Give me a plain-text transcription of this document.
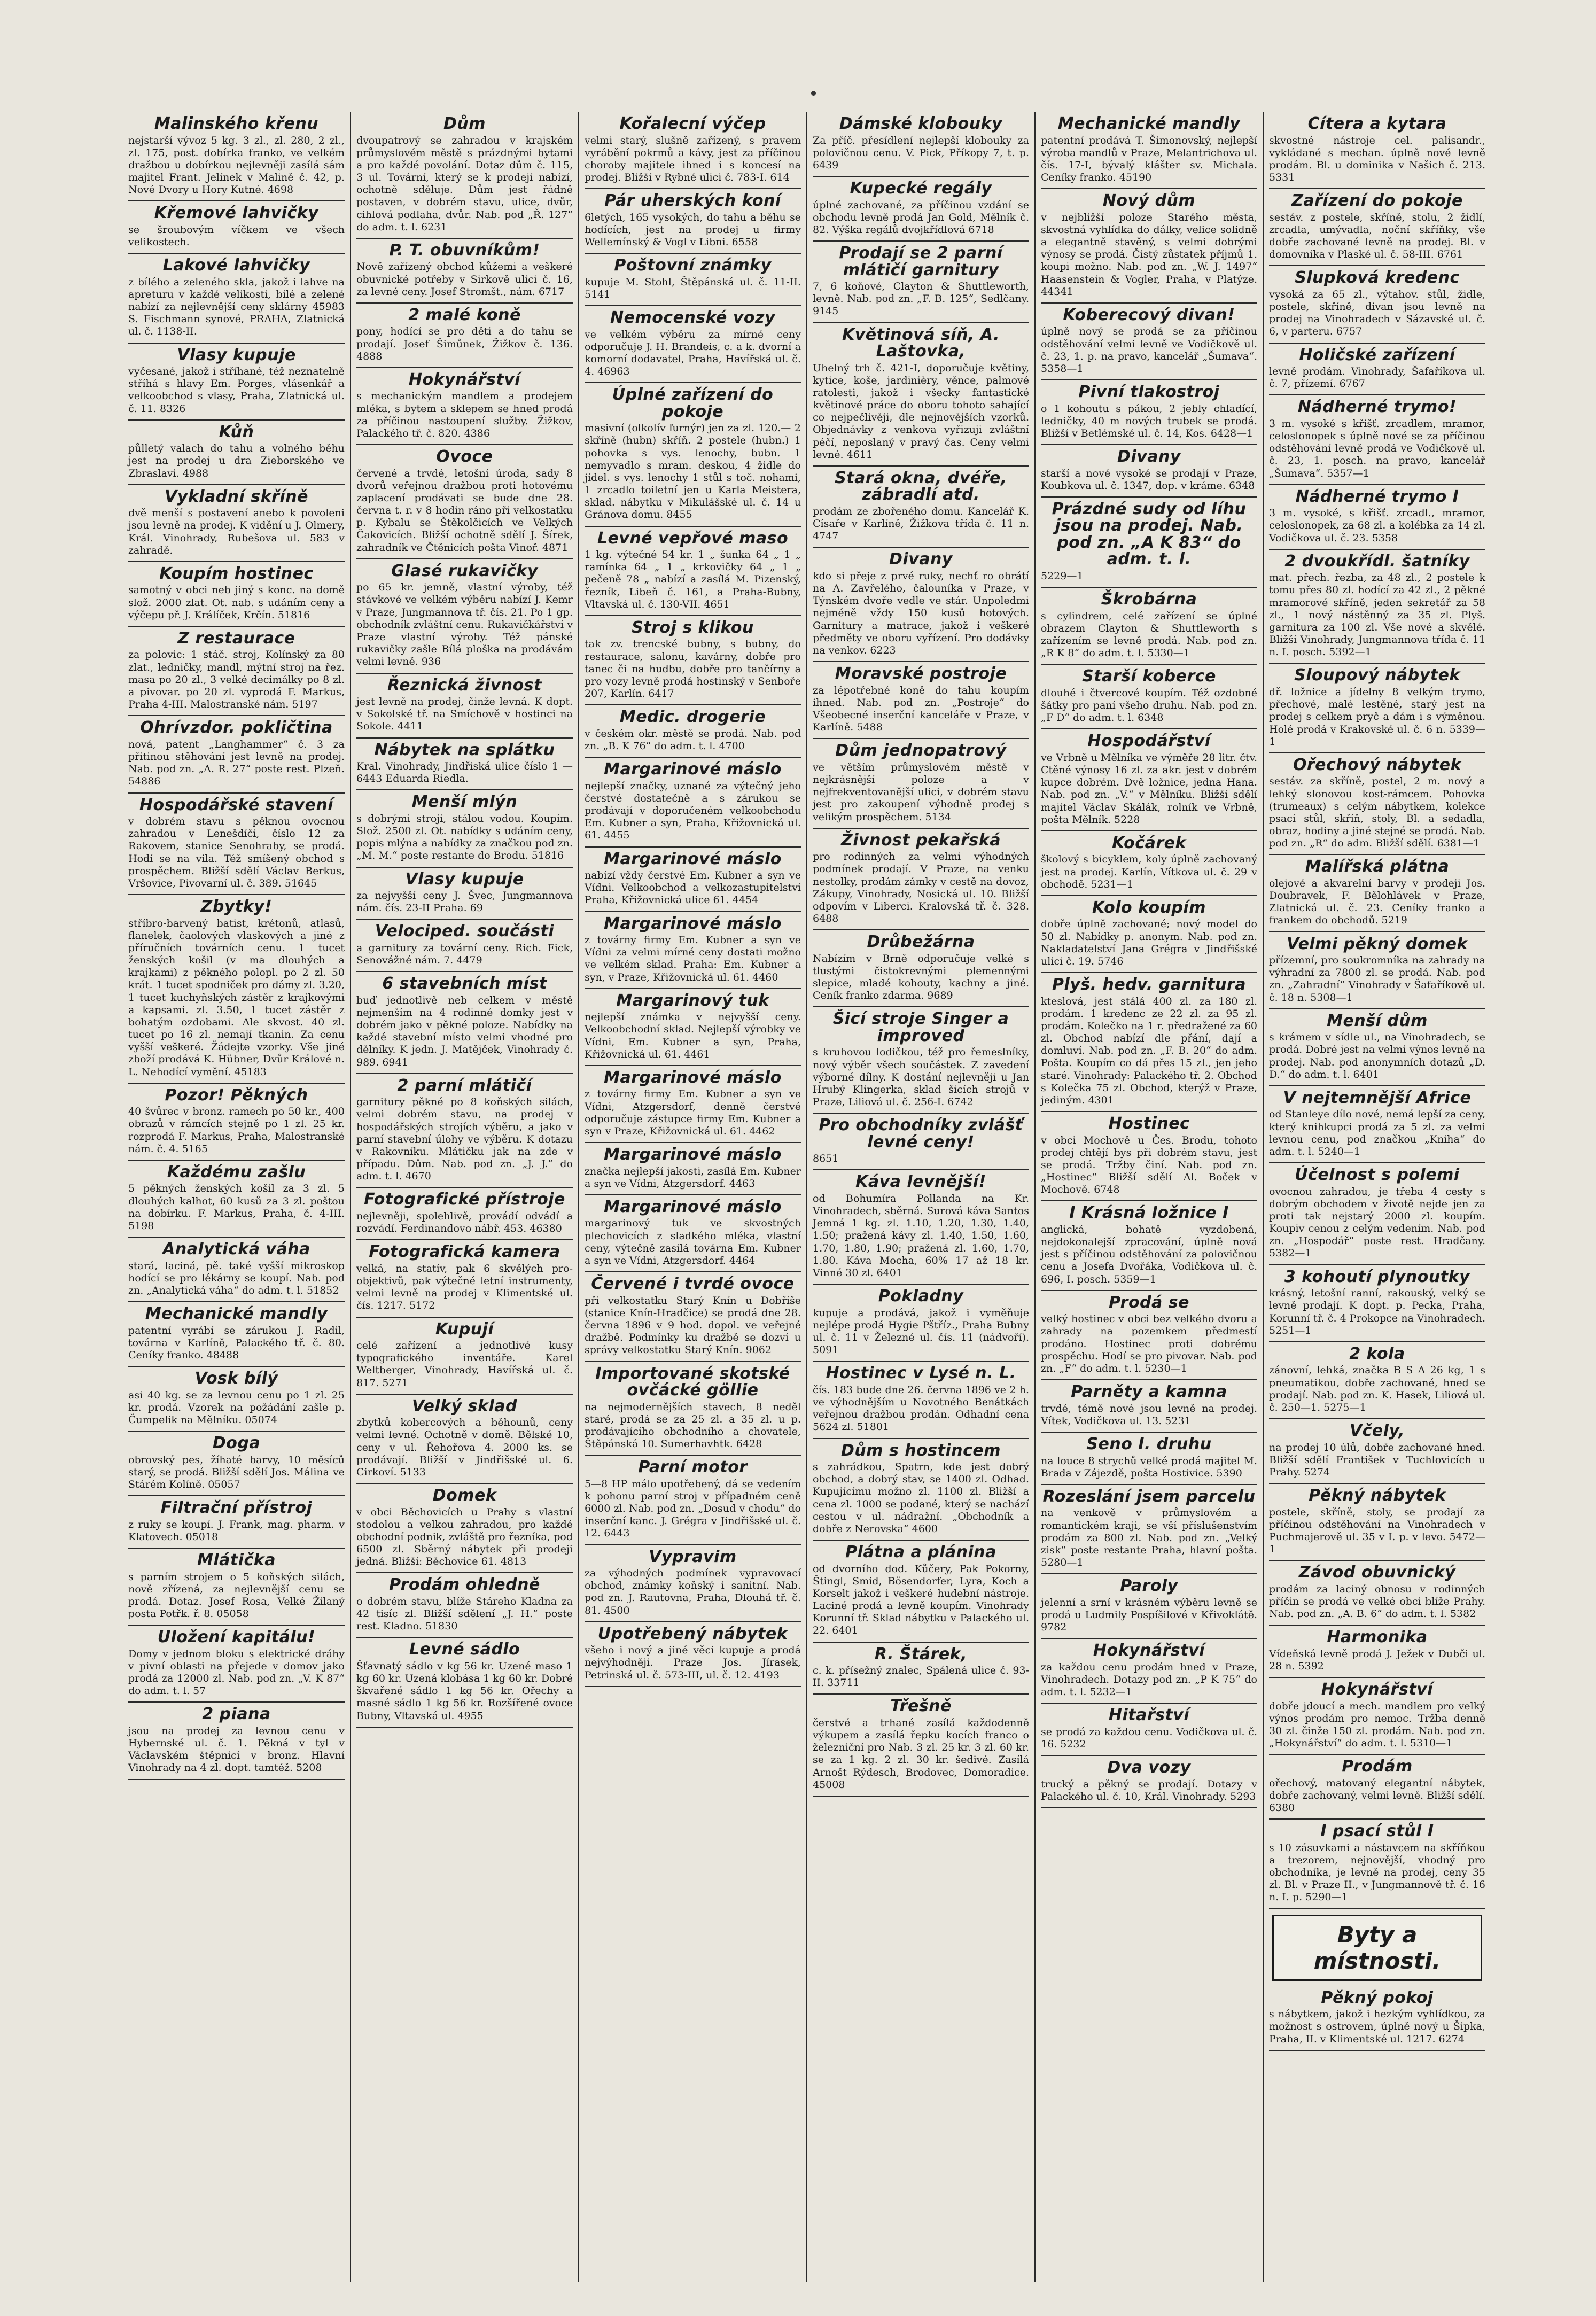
Malinského křenu

nejstarší vývoz 5 kg. 3 zl., zl. 280, 2 zl., zl. 175, post. dobírka franko, ve velkém dražbou u dobírkou nejlevněji zasílá sám majitel Frant. Jelínek v Malině č. 42, p. Nové Dvory u Hory Kutné. 4698

Křemové lahvičky

se šroubovým víčkem ve všech velikostech.

Lakové lahvičky

z bílého a zeleného skla, jakož i lahve na apreturu v každé velikosti, bílé a zelené nabízí za nejlevnější ceny sklárny 45983 S. Fischmann synové, PRAHA, Zlatnická ul. č. 1138-II.

Vlasy kupuje

vyčesané, jakož i stříhané, též neznatelně stříhá s hlavy Em. Porges, vlásenkář a velkoobchod s vlasy, Praha, Zlatnická ul. č. 11. 8326

Kůň

půlletý valach do tahu a volného běhu jest na prodej u dra Zieborského ve Zbraslavi. 4988

Vykladní skříně

dvě menší s postavení anebo k povoleni jsou levně na prodej. K vidění u J. Olmery, Král. Vinohrady, Rubešova ul. 583 v zahradě.

Koupím hostinec

samotný v obci neb jiný s konc. na domě slož. 2000 zlat. Ot. nab. s udáním ceny a výčepu př. J. Králíček, Krčín. 51816

Z restaurace

za polovic: 1 stáč. stroj, Kolínský za 80 zlat., ledničky, mandl, mýtní stroj na řez. masa po 20 zl., 3 velké decimálky po 8 zl. a pivovar. po 20 zl. vyprodá F. Markus, Praha 4-III. Malostranské nám. 5197

Ohrívzdor. pokličtina

nová, patent „Langhammer“ č. 3 za přitinou stěhování jest levně na prodej. Nab. pod zn. „A. R. 27“ poste rest. Plzeň. 54886

Hospodářské stavení

v dobrém stavu s pěknou ovocnou zahradou v Lenešdíči, číslo 12 za Rakovem, stanice Senohraby, se prodá. Hodí se na vila. Též smíšený obchod s prospěchem. Bližší sdělí Václav Berkus, Vršovice, Pivovarní ul. č. 389. 51645

Zbytky!

stříbro-barvený batist, krétonů, atlasů, flanelek, čaolových vlaskových a jiné z příručních továrních cenu. 1 tucet ženských košil (v ma dlouhých a krajkami) z pěkného polopl. po 2 zl. 50 krát. 1 tucet spodniček pro dámy zl. 3.20, 1 tucet kuchyňských zástěr z krajkovými a kapsami. zl. 3.50, 1 tucet zástěr z bohatým ozdobami. Ale skvost. 40 zl. tucet po 16 zl. nemají tkanin. Za cenu vyšší veškeré. Žádejte vzorky. Vše jiné zboží prodává K. Hübner, Dvůr Králové n. L. Nehodící vymění. 45183

Pozor! Pěkných

40 švůrec v bronz. ramech po 50 kr., 400 obrazů v rámcích stejně po 1 zl. 25 kr. rozprodá F. Markus, Praha, Malostranské nám. č. 4. 5165

Každému zašlu

5 pěkných ženských košil za 3 zl. 5 dlouhých kalhot, 60 kusů za 3 zl. poštou na dobírku. F. Markus, Praha, č. 4-III. 5198

Analytická váha

stará, laciná, pě. také vyšší mikroskop hodící se pro lékárny se koupí. Nab. pod zn. „Analytická váha“ do adm. t. l. 51852

Mechanické mandly

patentní vyrábí se zárukou J. Radil, továrna v Karlíně, Palackého tř. č. 80. Ceníky franko. 48488

Vosk bílý

asi 40 kg. se za levnou cenu po 1 zl. 25 kr. prodá. Vzorek na požádání zašle p. Čumpelik na Mělníku. 05074

Doga

obrovský pes, žíhaté barvy, 10 měsíců starý, se prodá. Bližší sdělí Jos. Málina ve Stárém Kolíně. 05057

Filtrační přístroj

z ruky se koupí. J. Frank, mag. pharm. v Klatovech. 05018

Mlátička

s parním strojem o 5 koňských silách, nově zřízená, za nejlevnější cenu se prodá. Dotaz. Josef Rosa, Velké Žilaný posta Potřk. ř. 8. 05058

Uložení kapitálu!

Domy v jednom bloku s elektrické dráhy v pivní oblasti na přejede v domov jako prodá za 12000 zl. Nab. pod zn. „V. K 87“ do adm. t. l. 57

2 piana

jsou na prodej za levnou cenu v Hybernské ul. č. 1. Pěkná v tyl v Václavském štěpnicí v bronz. Hlavní Vinohrady na 4 zl. dopt. tamtéž. 5208

Dům

dvoupatrový se zahradou v krajském průmyslovém městě s prázdnými bytami a pro každé povolání. Dotaz dům č. 115, 3 ul. Tovární, který se k prodeji nabízí, ochotně sděluje. Dům jest řádně postaven, v dobrém stavu, ulice, dvůr, cihlová podlaha, dvůr. Nab. pod „Ř. 127“ do adm. t. l. 6231

P. T. obuvníkům!

Nově zařízený obchod kůžemi a veškeré obuvnické potřeby v Sirkově ulici č. 16, za levné ceny. Josef Stromšt., nám. 6717

2 malé koně

pony, hodící se pro děti a do tahu se prodají. Josef Šimůnek, Žižkov č. 136. 4888

Hokynářství

s mechanickým mandlem a prodejem mléka, s bytem a sklepem se hned prodá za příčinou nastoupení služby. Žižkov, Palackého tř. č. 820. 4386

Ovoce

červené a trvdé, letošní úroda, sady 8 dvorů veřejnou dražbou proti hotovému zaplacení prodávati se bude dne 28. června t. r. v 8 hodin ráno při velkostatku p. Kybalu se Štěkolčicích ve Velkých Čakovicích. Bližší ochotně sdělí J. Šírek, zahradník ve Čtěnicích pošta Vinoř. 4871

Glasé rukavičky

po 65 kr. jemně, vlastní výroby, též stávkové ve velkém výběru nabízí J. Kemr v Praze, Jungmannova tř. čís. 21. Po 1 gp. obchodník zvláštní cenu. Rukavičkářství v Praze vlastní výroby. Též pánské rukavičky zašle Bílá ploška na prodávám velmi levně. 936

Řeznická živnost

jest levně na prodej, činže levná. K dopt. v Sokolské tř. na Smíchově v hostinci na Sokole. 4411

Nábytek na splátku

Kral. Vinohrady, Jindřiská ulice číslo 1 — 6443 Eduarda Riedla.

Menší mlýn

s dobrými stroji, stálou vodou. Koupím. Slož. 2500 zl. Ot. nabídky s udáním ceny, popis mlýna a nabídky za značkou pod zn. „M. M.“ poste restante do Brodu. 51816

Vlasy kupuje

za nejvyšší ceny J. Švec, Jungmannova nám. čís. 23-II Praha. 69

Velociped. součásti

a garnitury za tovární ceny. Rich. Fick, Senovážné nám. 7. 4479

6 stavebních míst

buď jednotlivě neb celkem v městě nejmenším na 4 rodinné domky jest v dobrém jako v pěkné poloze. Nabídky na každé stavební místo velmi vhodné pro dělníky. K jedn. J. Matějček, Vinohrady č. 989. 6941

2 parní mlátičí

garnitury pěkné po 8 koňských silách, velmi dobrém stavu, na prodej v hospodářských strojích výběru, a jako v parní stavební úlohy ve výběru. K dotazu v Rakovníku. Mlátičku jak na zde v případu. Dům. Nab. pod zn. „J. J.“ do adm. t. l. 4670

Fotografické přístroje

nejlevněji, spolehlivě, provádí odvádí a rozvádí. Ferdinandovo nábř. 453. 46380

Fotografická kamera

velká, na statív, pak 6 skvělých pro-objektivů, pak výtečné letní instrumenty, velmi levně na prodej v Klimentské ul. čís. 1217. 5172

Kupují

celé zařízení a jednotlivé kusy typografického inventáře. Karel Weltberger, Vinohrady, Havířská ul. č. 817. 5271

Velký sklad

zbytků kobercových a běhounů, ceny velmi levné. Ochotně v domě. Bělské 10, ceny v ul. Řehořova 4. 2000 ks. se prodávají. Bližší v Jindřišské ul. 6. Cirkoví. 5133

Domek

v obci Běchovicích u Prahy s vlastní stodolou a velkou zahradou, pro každé obchodní podnik, zvláště pro řezníka, pod 6500 zl. Sběrný nábytek při prodeji jedná. Bližší: Běchovice 61. 4813

Prodám ohledně

o dobrém stavu, blíže Stáreho Kladna za 42 tisíc zl. Bližší sdělení „J. H.“ poste rest. Kladno. 51830

Levné sádlo

Šťavnatý sádlo v kg 56 kr. Uzené maso 1 kg 60 kr. Uzená klobása 1 kg 60 kr. Dobré škvařené sádlo 1 kg 56 kr. Ořechy a masné sádlo 1 kg 56 kr. Rozšířené ovoce Bubny, Vltavská ul. 4955

Kořalecní výčep

velmi starý, slušně zařízený, s pravem vyrábění pokrmů a kávy, jest za příčinou choroby majitele ihned i s koncesí na prodej. Bližší v Rybné ulici č. 783-I. 614

Pár uherských koní

6letých, 165 vysokých, do tahu a běhu se hodících, jest na prodej u firmy Wellemínský & Vogl v Libni. 6558

Poštovní známky

kupuje M. Stohl, Štěpánská ul. č. 11-II. 5141

Nemocenské vozy

ve velkém výběru za mírné ceny odporučuje J. H. Brandeis, c. a k. dvorní a komorní dodavatel, Praha, Havířská ul. č. 4. 46963

Úplné zařízení do pokoje

masivní (olkolív ľurnýr) jen za zl. 120.— 2 skříně (hubn) skříň. 2 postele (hubn.) 1 pohovka s vys. lenochy, bubn. 1 nemyvadlo s mram. deskou, 4 židle do jídel. s vys. lenochy 1 stůl s toč. nohami, 1 zrcadlo toiletní jen u Karla Meistera, sklad. nábytku v Mikulášské ul. č. 14 u Gránova domu. 8455

Levné vepřové maso

1 kg. výtečné 54 kr. 1 „ šunka 64 „ 1 „ ramínka 64 „ 1 „ krkovičky 64 „ 1 „ pečeně 78 „ nabízí a zasílá M. Pizenský, řezník, Libeň č. 161, a Praha-Bubny, Vltavská ul. č. 130-VII. 4651

Stroj s klikou

tak zv. trencské bubny, s bubny, do restaurace, salonu, kavárny, dobře pro tanec či na hudbu, dobře pro tančírny a pro vozy levně prodá hostinský v Senboře 207, Karlín. 6417

Medic. drogerie

v českém okr. městě se prodá. Nab. pod zn. „B. K 76“ do adm. t. l. 4700

Margarinové máslo

nejlepší značky, uznané za výtečný jeho čerstvé dostatečně a s zárukou se prodávají v doporučeném velkoobchodu Em. Kubner a syn, Praha, Křižovnická ul. 61. 4455

Margarinové máslo

nabízí vždy čerstvé Em. Kubner a syn ve Vídni. Velkoobchod a velkozastupitelství Praha, Křižovnická ulice 61. 4454

Margarinové máslo

z továrny firmy Em. Kubner a syn ve Vídni za velmi mírné ceny dostati možno ve velkém sklad. Praha: Em. Kubner a syn, v Praze, Křižovnická ul. 61. 4460

Margarinový tuk

nejlepší známka v nejvyšší ceny. Velkoobchodní sklad. Nejlepší výrobky ve Vídni, Em. Kubner a syn, Praha, Křižovnická ul. 61. 4461

Margarinové máslo

z továrny firmy Em. Kubner a syn ve Vídni, Atzgersdorf, denně čerstvé odporučuje zástupce firmy Em. Kubner a syn v Praze, Křižovnická ul. 61. 4462

Margarinové máslo

značka nejlepší jakosti, zasílá Em. Kubner a syn ve Vídni, Atzgersdorf. 4463

Margarinové máslo

margarinový tuk ve skvostných plechovicích z sladkého mléka, vlastní ceny, výtečně zasílá továrna Em. Kubner a syn ve Vídni, Atzgersdorf. 4464

Červené i tvrdé ovoce

při velkostatku Starý Knín u Dobříše (stanice Knín-Hradčice) se prodá dne 28. června 1896 v 9 hod. dopol. ve veřejné dražbě. Podmínky ku dražbě se dozví u správy velkostatku Starý Knín. 9062

Importované skotské ovčácké göllie

na nejmodernějších stavech, 8 neděl staré, prodá se za 25 zl. a 35 zl. u p. prodávajícího obchodního a chovatele, Štěpánská 10. Sumerhavhtk. 6428

Parní motor

5—8 HP málo upotřebený, dá se vedením k pohonu parní stroj v případném ceně 6000 zl. Nab. pod zn. „Dosud v chodu“ do inserční kanc. J. Grégra v Jindřišské ul. č. 12. 6443

Vypravim

za výhodných podmínek vypravovací obchod, známky koňský i sanitní. Nab. pod zn. J. Rautovna, Praha, Dlouhá tř. č. 81. 4500

Upotřebený nábytek

všeho i nový a jiné věci kupuje a prodá nejvýhodněji. Praze Jos. Jírasek, Petrinská ul. č. 573-III, ul. č. 12. 4193

Dámské klobouky

Za příč. přesídlení nejlepší klobouky za polovičnou cenu. V. Pick, Příkopy 7, t. p. 6439

Kupecké regály

úplné zachované, za příčinou vzdání se obchodu levně prodá Jan Gold, Mělník č. 82. Výška regálů dvojkřídlová 6718

Prodají se 2 parní mlátičí garnitury

7, 6 koňové, Clayton & Shuttleworth, levně. Nab. pod zn. „F. B. 125“, Sedlčany. 9145

Květinová síň, A. Laštovka,

Uhelný trh č. 421-I, doporučuje květiny, kytice, koše, jardinièry, věnce, palmové ratolesti, jakož i všecky fantastické květinové práce do oboru tohoto sahající co nejpečlivěji, dle nejnovějších vzorků. Objednávky z venkova vyřizuji zvláštní péčí, neposlaný v pravý čas. Ceny velmi levné. 4611

Stará okna, dvéře, zábradlí atd.

prodám ze zbořeného domu. Kancelář K. Císaře v Karlíně, Žižkova třída č. 11 n. 4747

Divany

kdo si přeje z prvé ruky, nechť ro obrátí na A. Zavřelého, čalouníka v Praze, v Týnském dvoře vedle ve stár. Unpoledmi nejméně vždy 150 kusů hotových. Garnitury a matrace, jakož i veškeré předměty ve oboru vyřízení. Pro dodávky na venkov. 6223

Moravské postroje

za lépotřebné koně do tahu koupím ihned. Nab. pod zn. „Postroje“ do Všeobecné inserční kanceláře v Praze, v Karlíně. 5488

Dům jednopatrový

ve větším průmyslovém městě v nejkrásnější poloze a v nejfrekventovanější ulici, v dobrém stavu jest pro zakoupení výhodně prodej s velikým prospěchem. 5134

Živnost pekařská

pro rodinných za velmi výhodných podmínek prodají. V Praze, na venku nestolky, prodám zámky v cestě na dovoz, Zákupy, Vinohrady, Nosická ul. 10. Bližší odpovím v Liberci. Kralovská tř. č. 328. 6488

Drůbežárna

Nabízím v Brně odporučuje velké s tlustými čistokrevnými plemennými slepice, mladé kohouty, kachny a jiné. Ceník franko zdarma. 9689

Šicí stroje Singer a improved

s kruhovou lodičkou, též pro řemeslníky, nový výběr všech součástek. Z zavedení výborné dílny. K dostání nejlevněji u Jan Hrubý Klingerka, sklad šicích strojů v Praze, Liliová ul. č. 256-I. 6742

Pro obchodníky zvlášť levné ceny!

8651

Káva levnější!

od Bohumíra Pollanda na Kr. Vinohradech, sběrná. Surová káva Santos Jemná 1 kg. zl. 1.10, 1.20, 1.30, 1.40, 1.50; pražená kávy zl. 1.40, 1.50, 1.60, 1.70, 1.80, 1.90; pražená zl. 1.60, 1.70, 1.80. Káva Mocha, 60% 17 až 18 kr. Vinné 30 zl. 6401

Pokladny

kupuje a prodává, jakož i vyměňuje nejlépe prodá Hygie Pštříz., Praha Bubny ul. č. 11 v Železné ul. čís. 11 (nádvoří). 5091

Hostinec v Lysé n. L.

čís. 183 bude dne 26. června 1896 ve 2 h. ve výhodnějším u Novotného Benátkách veřejnou dražbou prodán. Odhadní cena 5624 zl. 51801

Dům s hostincem

s zahrádkou, Spatrn, kde jest dobrý obchod, a dobrý stav, se 1400 zl. Odhad. Kupujícímu možno zl. 1100 zl. Bližší a cena zl. 1000 se podané, který se nachází cestou v ul. nádražní. „Obchodník a dobře z Nerovska“ 4600

Plátna a plánina

od dvorního dod. Kůčery, Pak Pokorny, Štingl, Smid, Bösendorfer, Lyra, Koch a Korselt jakož i veškeré hudební nástroje. Laciné prodá a levně koupím. Vinohrady Korunní tř. Sklad nábytku v Palackého ul. 22. 6401

R. Štárek,

c. k. přísežný znalec, Spálená ulice č. 93-II. 33711

Třešně

čerstvé a trhané zasílá každodenně výkupem a zasílá řepku kocích franco o železniční pro Nab. 3 zl. 25 kr. 3 zl. 60 kr. se za 1 kg. 2 zl. 30 kr. šedivé. Zasílá Arnošt Rýdesch, Brodovec, Domoradice. 45008

Mechanické mandly

patentní prodává T. Šimonovský, nejlepší výroba mandlů v Praze, Melantrichova ul. čís. 17-I, bývalý klášter sv. Michala. Ceníky franko. 45190

Nový dům

v nejbližší poloze Starého města, skvostná vyhlídka do dálky, velice solidně a elegantně stavěný, s velmi dobrými výnosy se prodá. Čistý zůstatek příjmů 1. koupi možno. Nab. pod zn. „W. J. 1497“ Haasenstein & Vogler, Praha, v Platýze. 44341

Koberecový divan!

úplně nový se prodá se za příčinou odstěhování velmi levně ve Vodičkově ul. č. 23, 1. p. na pravo, kancelář „Šumava“. 5358—1

Pivní tlakostroj

o 1 kohoutu s pákou, 2 jebly chladící, ledničky, 40 m nových trubek se prodá. Bližší v Betlémské ul. č. 14, Kos. 6428—1

Divany

starší a nové vysoké se prodají v Praze, Koubkova ul. č. 1347, dop. v kráme. 6348

Prázdné sudy od líhu jsou na prodej. Nab. pod zn. „A K 83“ do adm. t. l.

5229—1

Škrobárna

s cylindrem, celé zařízení se úplné obrazem Clayton & Shuttleworth s zařízením se levně prodá. Nab. pod zn. „R K 8“ do adm. t. l. 5330—1

Starší koberce

dlouhé i čtvercové koupím. Též ozdobné šátky pro paní všeho druhu. Nab. pod zn. „F D“ do adm. t. l. 6348

Hospodářství

ve Vrbně u Mělníka ve výměře 28 litr. čtv. Ctěné výnosy 16 zl. za akr. jest v dobrém kupce dobrém. Dvě ložnice, jedna Hana. Nab. pod zn. „V.“ v Mělníku. Bližší sdělí majitel Václav Skálák, rolník ve Vrbně, pošta Mělník. 5228

Kočárek

školový s bicyklem, koly úplně zachovaný jest na prodej. Karlín, Vítkova ul. č. 29 v obchodě. 5231—1

Kolo koupím

dobře úplně zachované; nový model do 50 zl. Nabídky p. anonym. Nab. pod zn. Nakladatelství Jana Grégra v Jindřišské ulici č. 19. 5746

Plyš. hedv. garnitura

kteslová, jest stálá 400 zl. za 180 zl. prodám. 1 kredenc ze 22 zl. za 95 zl. prodám. Kolečko na 1 r. předražené za 60 zl. Obchod nabízí dle přání, dají a domluví. Nab. pod zn. „F. B. 20“ do adm. Pošta. Koupím co dá přes 15 zl., jen jeho staré. Vinohrady: Palackého tř. 2. Obchod s Kolečka 75 zl. Obchod, kterýž v Praze, jediným. 4301

Hostinec

v obci Mochově u Čes. Brodu, tohoto prodej chtějí bys při dobrém stavu, jest se prodá. Tržby činí. Nab. pod zn. „Hostinec“ Bližší sdělí Al. Boček v Mochově. 6748

I Krásná ložnice I

anglická, bohatě vyzdobená, nejdokonalejší zpracování, úplně nová jest s příčinou odstěhování za polovičnou cenu a Josefa Dvořáka, Vodičkova ul. č. 696, I. posch. 5359—1

Prodá se

velký hostinec v obci bez velkého dvoru a zahrady na pozemkem předmestí prodáno. Hostinec proti dobrému prospěchu. Hodí se pro pivovar. Nab. pod zn. „F“ do adm. t. l. 5230—1

Parněty a kamna

trvdé, témě nové jsou levně na prodej. Vítek, Vodičkova ul. 13. 5231

Seno I. druhu

na louce 8 strychů velké prodá majitel M. Brada v Zájezdě, pošta Hostivice. 5390

Rozeslání jsem parcelu

na venkově v průmyslovém a romantickém kraji, se vší příslušenstvím prodám za 800 zl. Nab. pod zn. „Velký zisk“ poste restante Praha, hlavní pošta. 5280—1

Paroly

jelenní a srní v krásném výběru levně se prodá u Ludmily Pospíšilové v Křivoklátě. 9782

Hokynářství

za každou cenu prodám hned v Praze, Vinohradech. Dotazy pod zn. „P K 75“ do adm. t. l. 5232—1

Hitařství

se prodá za každou cenu. Vodičkova ul. č. 16. 5232

Dva vozy

trucký a pěkný se prodají. Dotazy v Palackého ul. č. 10, Král. Vinohrady. 5293

Cítera a kytara

skvostné nástroje cel. palisandr., vykládané s mechan. úplně nové levně prodám. Bl. u dominika v Našich č. 213. 5331

Zařízení do pokoje

sestáv. z postele, skříně, stolu, 2 židlí, zrcadla, umývadla, noční skříňky, vše dobře zachované levně na prodej. Bl. v domovníka v Plaské ul. č. 58-III. 6761

Slupková kredenc

vysoká za 65 zl., výtahov. stůl, židle, postele, skříně, divan jsou levně na prodej na Vinohradech v Sázavské ul. č. 6, v parteru. 6757

Holičské zařízení

levně prodám. Vinohrady, Šafaříkova ul. č. 7, přízemí. 6767

Nádherné trymo!

3 m. vysoké s křišť. zrcadlem, mramor, celoslonopek s úplně nové se za příčinou odstěhování levně prodá ve Vodičkově ul. č. 23, 1. posch. na pravo, kancelář „Šumava“. 5357—1

Nádherné trymo I

3 m. vysoké, s křišť. zrcadl., mramor, celoslonopek, za 68 zl. a kolébka za 14 zl. Vodičkova ul. č. 23. 5358

2 dvoukřídl. šatníky

mat. přech. řezba, za 48 zl., 2 postele k tomu přes 80 zl. hodící za 42 zl., 2 pěkné mramorové skříně, jeden sekretář za 58 zl., 1 nový nástěnný za 35 zl. Plyš. garnitura za 100 zl. Vše nové a skvělé. Bližší Vinohrady, Jungmannova třída č. 11 n. I. posch. 5392—1

Sloupový nábytek

dř. ložnice a jídelny 8 velkým trymo, přechové, malé lestěné, starý jest na prodej s celkem pryč a dám i s výměnou. Holé prodá v Krakovské ul. č. 6 n. 5339—1

Ořechový nábytek

sestáv. za skříně, postel, 2 m. nový a lehký slonovou kost-rámcem. Pohovka (trumeaux) s celým nábytkem, kolekce psací stůl, skříň, stoly, Bl. a sedadla, obraz, hodiny a jiné stejné se prodá. Nab. pod zn. „R“ do adm. Bližší sdělí. 6381—1

Malířská plátna

olejové a akvarelní barvy v prodeji Jos. Doubravek, F. Bělohlávek v Praze, Zlatnická ul. č. 23. Ceníky franko a frankem do obchodů. 5219

Velmi pěkný domek

přízemní, pro soukromníka na zahrady na výhradní za 7800 zl. se prodá. Nab. pod zn. „Zahradní“ Vinohrady v Šafaříkově ul. č. 18 n. 5308—1

Menší dům

s krámem v sídle ul., na Vinohradech, se prodá. Dobré jest na velmi výnos levně na prodej. Nab. pod anonymních dotazů „D. D.“ do adm. t. l. 6401

V nejtemnější Africe

od Stanleye dílo nové, nemá lepší za ceny, který knihkupci prodá za 5 zl. za velmi levnou cenu, pod značkou „Kniha“ do adm. t. l. 5240—1

Účelnost s polemi

ovocnou zahradou, je třeba 4 cesty s dobrým obchodem v životě nejde jen za proti tak nejstarý 2000 zl. koupím. Koupiv cenou z celým vedením. Nab. pod zn. „Hospodář“ poste rest. Hradčany. 5382—1

3 kohoutí plynoutky

krásný, letošní ranní, rakouský, velký se levně prodají. K dopt. p. Pecka, Praha, Korunní tř. č. 4 Prokopce na Vinohradech. 5251—1

2 kola

zánovní, lehká, značka B S A 26 kg, 1 s pneumatikou, dobře zachované, hned se prodají. Nab. pod zn. K. Hasek, Liliová ul. č. 250—1. 5275—1

Včely,

na prodej 10 úlů, dobře zachované hned. Bližší sdělí František v Tuchlovicích u Prahy. 5274

Pěkný nábytek

postele, skříně, stoly, se prodají za příčinou odstěhování na Vinohradech v Puchmajerově ul. 35 v I. p. v levo. 5472—1

Závod obuvnický

prodám za laciný obnosu v rodinných příčin se prodá ve velké obci blíže Prahy. Nab. pod zn. „A. B. 6“ do adm. t. l. 5382

Harmonika

Vídeňská levně prodá J. Ježek v Dubči ul. 28 n. 5392

Hokynářství

dobře jdoucí a mech. mandlem pro velký výnos prodám pro nemoc. Tržba denně 30 zl. činže 150 zl. prodám. Nab. pod zn. „Hokynářství“ do adm. t. l. 5310—1

Prodám

ořechový, matovaný elegantní nábytek, dobře zachovaný, velmi levně. Bližší sdělí. 6380

I psací stůl I

s 10 zásuvkami a nástavcem na skříňkou a trezorem, nejnovější, vhodný pro obchodníka, je levně na prodej, ceny 35 zl. Bl. v Praze II., v Jungmannově tř. č. 16 n. I. p. 5290—1

Byty a místnosti.
Pěkný pokoj

s nábytkem, jakož i hezkým vyhlídkou, za možnost s ostrovem, úplně nový u Šipka, Praha, II. v Klimentské ul. 1217. 6274
